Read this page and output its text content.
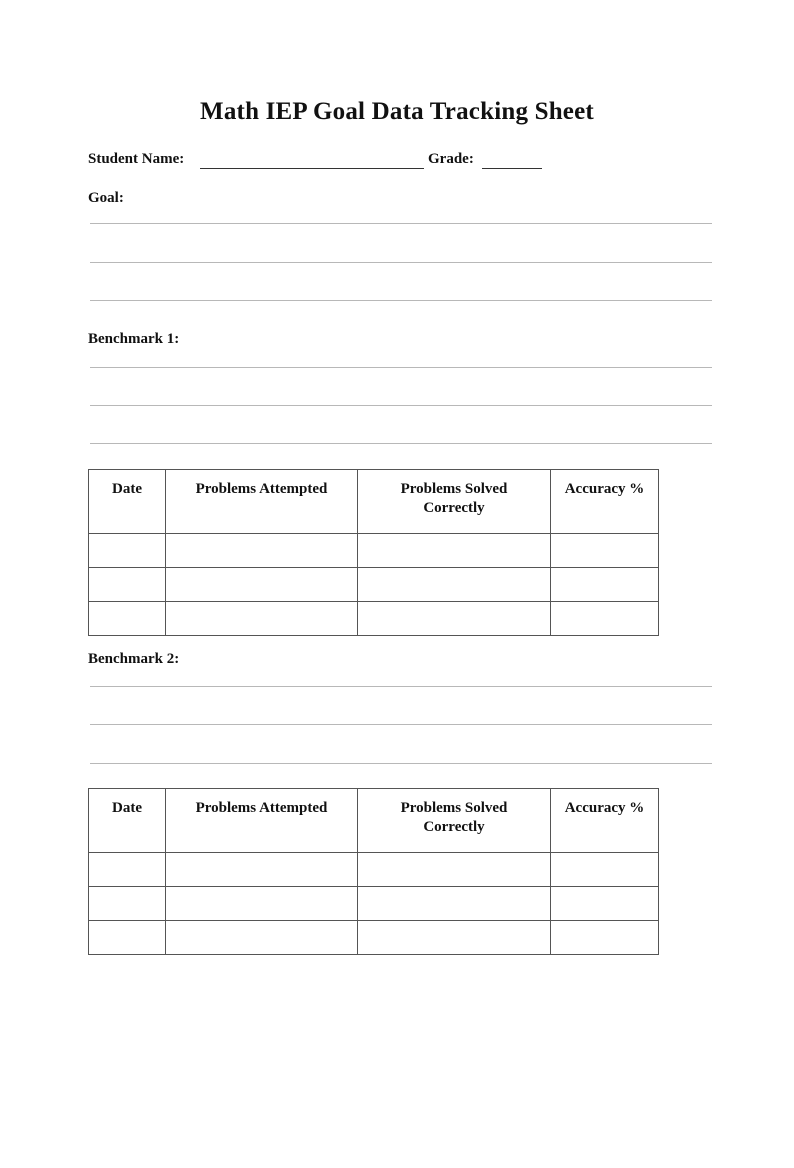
Math IEP Goal Data Tracking Sheet
Student Name:	Grade:
Goal:
Benchmark 1:
Date	Problems Attempted	Problems Solved Correctly	Accuracy %

Benchmark 2:
Date	Problems Attempted	Problems Solved Correctly	Accuracy %
